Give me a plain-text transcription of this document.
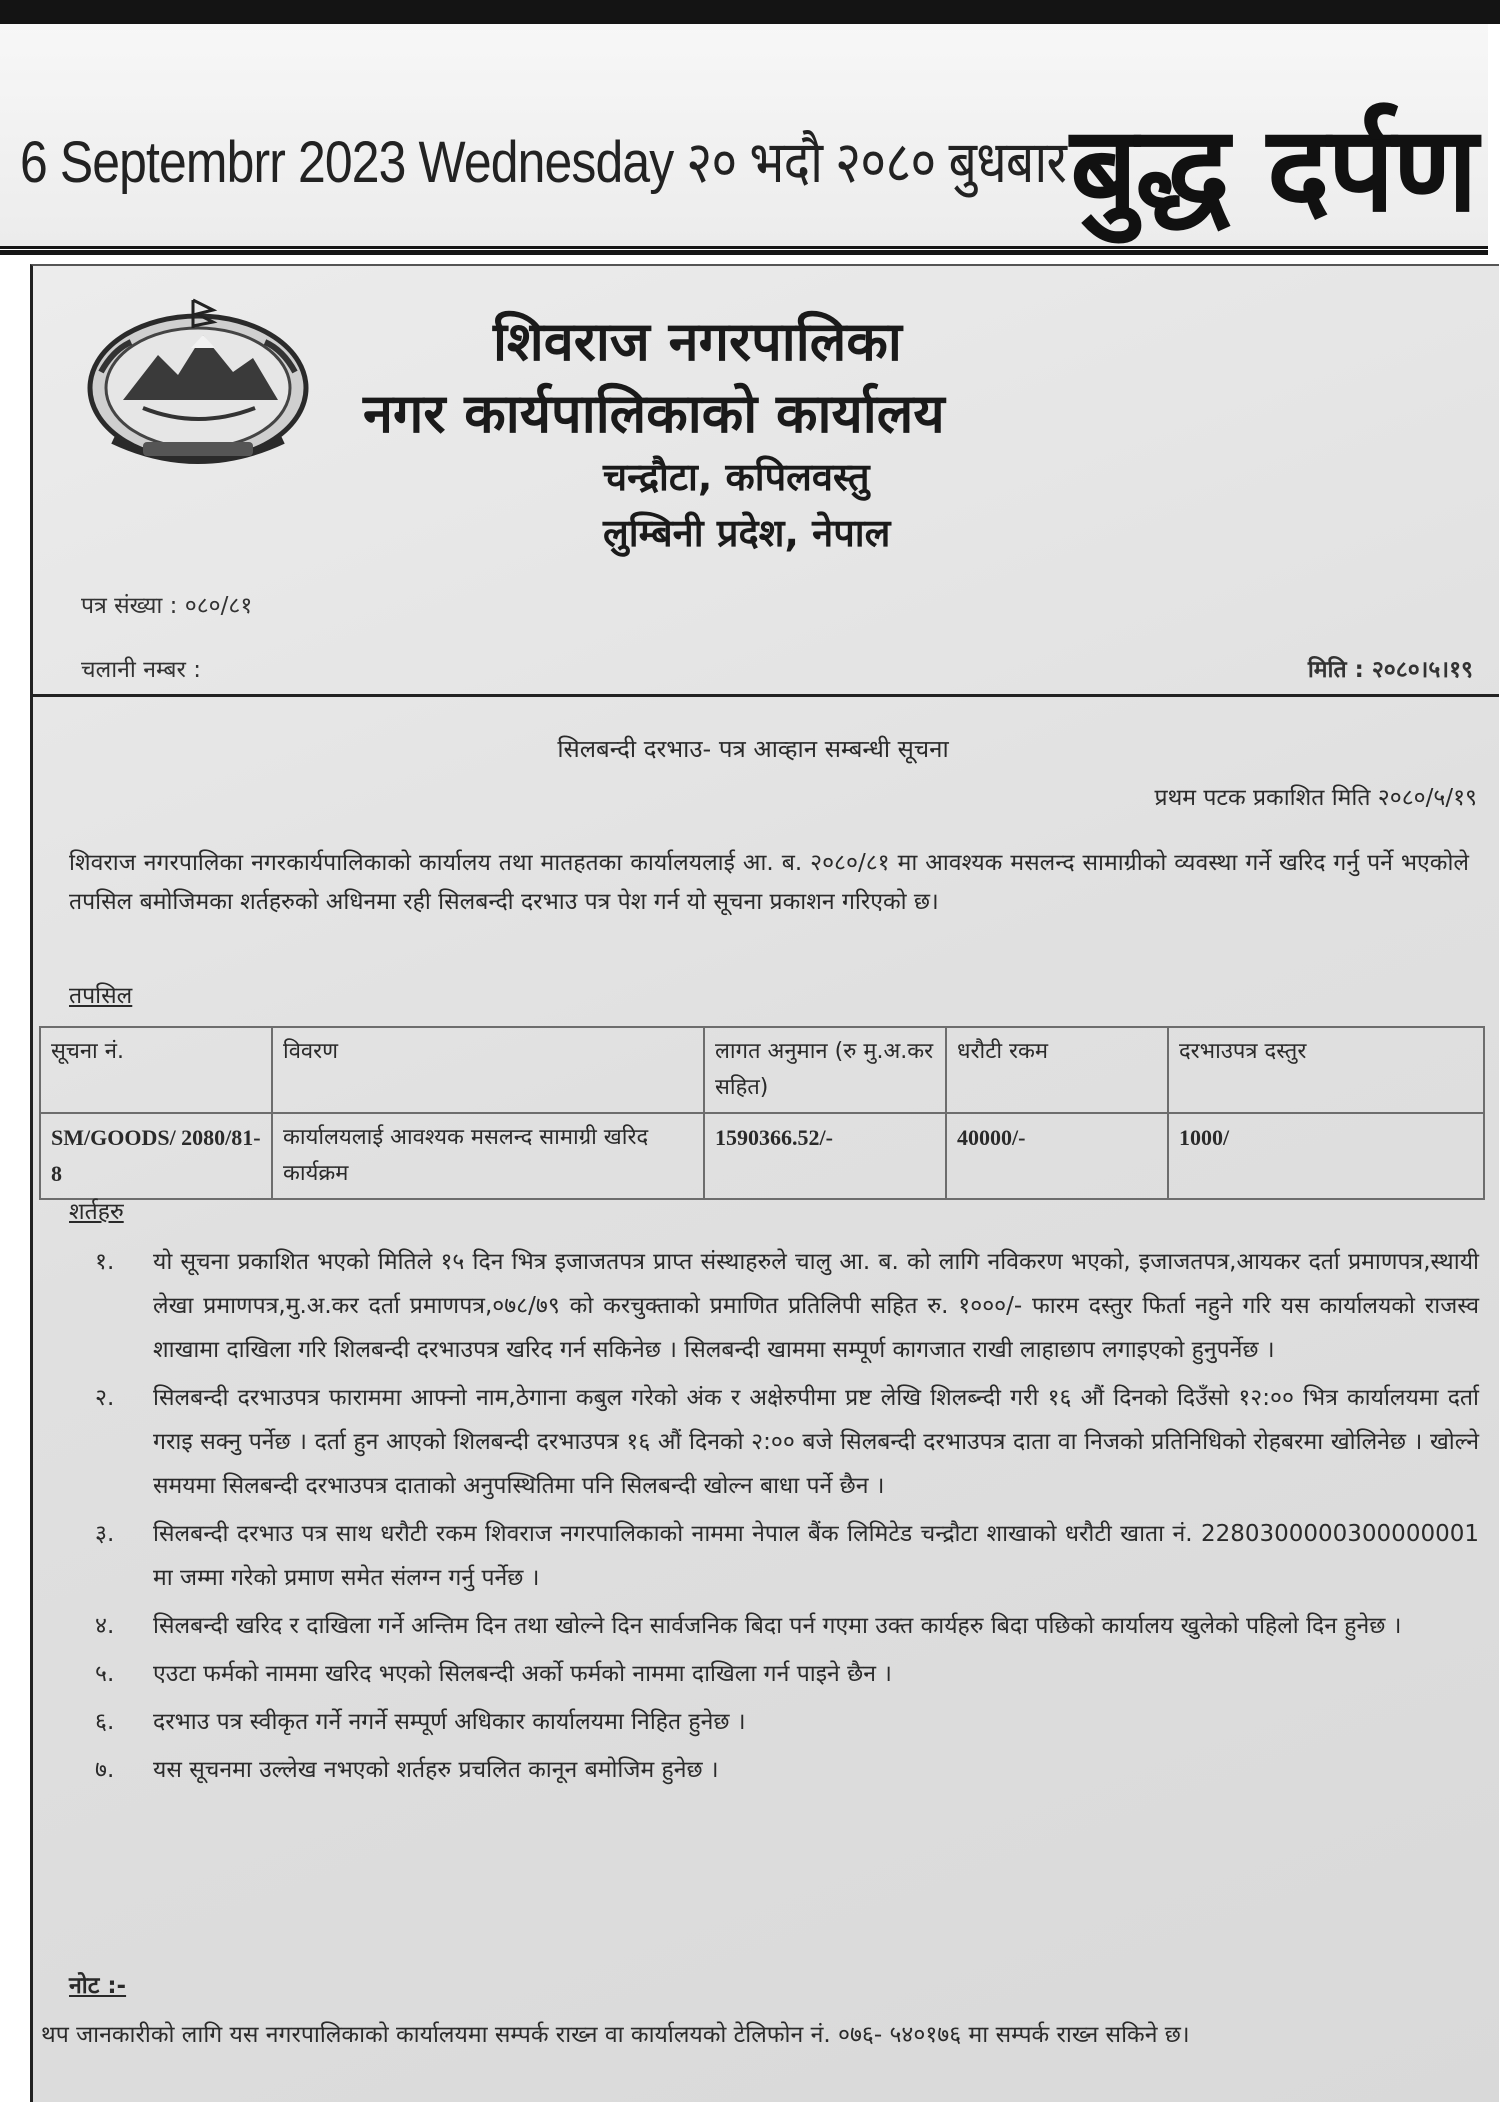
6 Septembrr 2023 Wednesday २० भदौ २०८० बुधबार बुद्ध दर्पण
शिवराज नगरपालिका
नगर कार्यपालिकाको कार्यालय
चन्द्रौटा, कपिलवस्तु
लुम्बिनी प्रदेश, नेपाल
पत्र संख्या : ०८०/८१
चलानी नम्बर :	मिति : २०८०।५।१९
सिलबन्दी दरभाउ- पत्र आव्हान सम्बन्धी सूचना
प्रथम पटक प्रकाशित मिति २०८०/५/१९
शिवराज नगरपालिका नगरकार्यपालिकाको कार्यालय तथा मातहतका कार्यालयलाई आ. ब. २०८०/८१ मा आवश्यक मसलन्द सामाग्रीको व्यवस्था गर्ने खरिद गर्नु पर्ने भएकोले तपसिल बमोजिमका शर्तहरुको अधिनमा रही सिलबन्दी दरभाउ पत्र पेश गर्न यो सूचना प्रकाशन गरिएको छ।
तपसिल
सूचना नं.	विवरण	लागत अनुमान (रु मु.अ.कर सहित)	धरौटी रकम	दरभाउपत्र दस्तुर
SM/GOODS/ 2080/81-8	कार्यालयलाई आवश्यक मसलन्द सामाग्री खरिद कार्यक्रम	1590366.52/-	40000/-	1000/
शर्तहरु
१. यो सूचना प्रकाशित भएको मितिले १५ दिन भित्र इजाजतपत्र प्राप्त संस्थाहरुले चालु आ. ब. को लागि नविकरण भएको, इजाजतपत्र,आयकर दर्ता प्रमाणपत्र,स्थायी लेखा प्रमाणपत्र,मु.अ.कर दर्ता प्रमाणपत्र,०७८/७९ को करचुक्ताको प्रमाणित प्रतिलिपी सहित रु. १०००/- फारम दस्तुर फिर्ता नहुने गरि यस कार्यालयको राजस्व शाखामा दाखिला गरि शिलबन्दी दरभाउपत्र खरिद गर्न सकिनेछ । सिलबन्दी खाममा सम्पूर्ण कागजात राखी लाहाछाप लगाइएको हुनुपर्नेछ ।
२. सिलबन्दी दरभाउपत्र फाराममा आफ्नो नाम,ठेगाना कबुल गरेको अंक र अक्षेरुपीमा प्रष्ट लेखि शिलब्न्दी गरी १६ औं दिनको दिउँसो १२:०० भित्र कार्यालयमा दर्ता गराइ सक्नु पर्नेछ । दर्ता हुन आएको शिलबन्दी दरभाउपत्र १६ औं दिनको २:०० बजे सिलबन्दी दरभाउपत्र दाता वा निजको प्रतिनिधिको रोहबरमा खोलिनेछ । खोल्ने समयमा सिलबन्दी दरभाउपत्र दाताको अनुपस्थितिमा पनि सिलबन्दी खोल्न बाधा पर्ने छैन ।
३. सिलबन्दी दरभाउ पत्र साथ धरौटी रकम शिवराज नगरपालिकाको नाममा नेपाल बैंक लिमिटेड चन्द्रौटा शाखाको धरौटी खाता नं. 2280300000300000001 मा जम्मा गरेको प्रमाण समेत संलग्न गर्नु पर्नेछ ।
४. सिलबन्दी खरिद र दाखिला गर्ने अन्तिम दिन तथा खोल्ने दिन सार्वजनिक बिदा पर्न गएमा उक्त कार्यहरु बिदा पछिको कार्यालय खुलेको पहिलो दिन हुनेछ ।
५. एउटा फर्मको नाममा खरिद भएको सिलबन्दी अर्को फर्मको नाममा दाखिला गर्न पाइने छैन ।
६. दरभाउ पत्र स्वीकृत गर्ने नगर्ने सम्पूर्ण अधिकार कार्यालयमा निहित हुनेछ ।
७. यस सूचनमा उल्लेख नभएको शर्तहरु प्रचलित कानून बमोजिम हुनेछ ।
नोट :-
थप जानकारीको लागि यस नगरपालिकाको कार्यालयमा सम्पर्क राख्न वा कार्यालयको टेलिफोन नं. ०७६- ५४०१७६ मा सम्पर्क राख्न सकिने छ।
